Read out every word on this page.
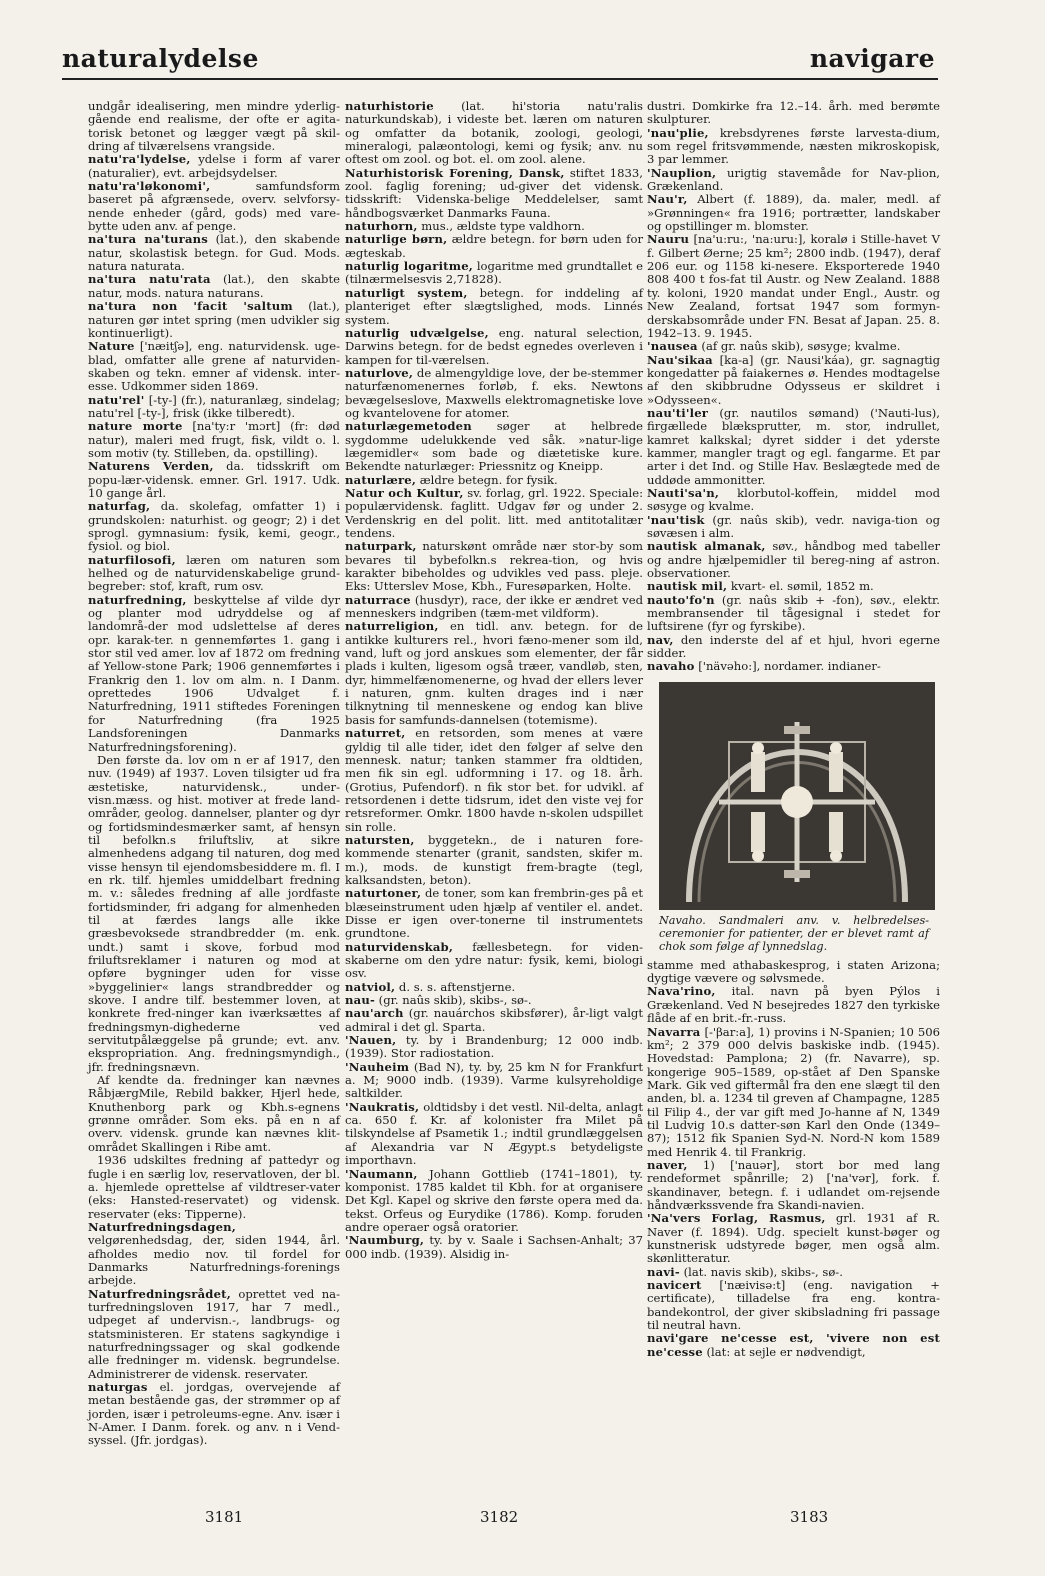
naturalydelse	navigare

undgår idealisering, men mindre yderlig-gående end realisme, der ofte er agita-torisk betonet og lægger vægt på skil-dring af tilværelsens vrangside.

natu'ra'lydelse, ydelse i form af varer (naturalier), evt. arbejdsydelser.

natu'ra'løkonomi', samfundsform baseret på afgrænsede, overv. selvforsy-nende enheder (gård, gods) med vare-bytte uden anv. af penge.

na'tura na'turans (lat.), den skabende natur, skolastisk betegn. for Gud. Mods. natura naturata.

na'tura natu'rata (lat.), den skabte natur, mods. natura naturans.

na'tura non 'facit 'saltum (lat.), naturen gør intet spring (men udvikler sig kontinuerligt).

Nature ['næitʃə], eng. naturvidensk. uge-blad, omfatter alle grene af naturviden-skaben og tekn. emner af vidensk. inter-esse. Udkommer siden 1869.

natu'rel' [-ty-] (fr.), naturanlæg, sindelag; natu'rel [-ty-], frisk (ikke tilberedt).

nature morte [na'ty:r 'mɔrt] (fr: død natur), maleri med frugt, fisk, vildt o. l. som motiv (ty. Stilleben, da. opstilling).

Naturens Verden, da. tidsskrift om popu-lær-vidensk. emner. Grl. 1917. Udk. 10 gange årl.

naturfag, da. skolefag, omfatter 1) i grundskolen: naturhist. og geogr; 2) i det sprogl. gymnasium: fysik, kemi, geogr., fysiol. og biol.

naturfilosofi, læren om naturen som helhed og de naturvidenskabelige grund-begreber: stof, kraft, rum osv.

naturfredning, beskyttelse af vilde dyr og planter mod udryddelse og af landområ-der mod udslettelse af deres opr. karak-ter. n gennemførtes 1. gang i stor stil ved amer. lov af 1872 om fredning af Yellow-stone Park; 1906 gennemførtes i Frankrig den 1. lov om alm. n. I Danm. oprettedes 1906 Udvalget f. Naturfredning, 1911 stiftedes Foreningen for Naturfredning (fra 1925 Landsforeningen Danmarks Naturfredningsforening).

Den første da. lov om n er af 1917, den nuv. (1949) af 1937. Loven tilsigter ud fra æstetiske, naturvidensk., under-visn.mæss. og hist. motiver at frede land-områder, geolog. dannelser, planter og dyr og fortidsmindesmærker samt, af hensyn til befolkn.s friluftsliv, at sikre almenhedens adgang til naturen, dog med visse hensyn til ejendomsbesiddere m. fl. I en rk. tilf. hjemles umiddelbart fredning m. v.: således fredning af alle jordfaste fortidsminder, fri adgang for almenheden til at færdes langs alle ikke græsbevoksede strandbredder (m. enk. undt.) samt i skove, forbud mod friluftsreklamer i naturen og mod at opføre bygninger uden for visse »byggelinier« langs strandbredder og skove. I andre tilf. bestemmer loven, at konkrete fred-ninger kan iværksættes af fredningsmyn-dighederne ved servitutpålæggelse på grunde; evt. anv. ekspropriation. Ang. fredningsmyndigh., jfr. fredningsnævn.

Af kendte da. fredninger kan nævnes RåbjærgMile, Rebild bakker, Hjerl hede, Knuthenborg park og Kbh.s-egnens grønne områder. Som eks. på en n af overv. vidensk. grunde kan nævnes klit-området Skallingen i Ribe amt.

1936 udskiltes fredning af pattedyr og fugle i en særlig lov, reservatloven, der bl. a. hjemlede oprettelse af vildtreser-vater (eks: Hansted-reservatet) og vidensk. reservater (eks: Tipperne).

Naturfredningsdagen, velgørenhedsdag, der, siden 1944, årl. afholdes medio nov. til fordel for Danmarks Naturfrednings-forenings arbejde.

Naturfredningsrådet, oprettet ved na-turfredningsloven 1917, har 7 medl., udpeget af undervisn.-, landbrugs- og statsministeren. Er statens sagkyndige i naturfredningssager og skal godkende alle fredninger m. vidensk. begrundelse. Administrerer de vidensk. reservater.

naturgas el. jordgas, overvejende af metan bestående gas, der strømmer op af jorden, især i petroleums-egne. Anv. især i N-Amer. I Danm. forek. og anv. n i Vend-syssel. (Jfr. jordgas).

naturhistorie (lat. hi'storia natu'ralis naturkundskab), i videste bet. læren om naturen og omfatter da botanik, zoologi, geologi, mineralogi, palæontologi, kemi og fysik; anv. nu oftest om zool. og bot. el. om zool. alene.

Naturhistorisk Forening, Dansk, stiftet 1833, zool. faglig forening; ud-giver det vidensk. tidsskrift: Videnska-belige Meddelelser, samt håndbogsværket Danmarks Fauna.

naturhorn, mus., ældste type valdhorn.

naturlige børn, ældre betegn. for børn uden for ægteskab.

naturlig logaritme, logaritme med grundtallet e (tilnærmelsesvis 2,71828).

naturligt system, betegn. for inddeling af planteriget efter slægtslighed, mods. Linnés system.

naturlig udvælgelse, eng. natural selection, Darwins betegn. for de bedst egnedes overleven i kampen for til-værelsen.

naturlove, de almengyldige love, der be-stemmer naturfænomenernes forløb, f. eks. Newtons bevægelseslove, Maxwells elektromagnetiske love og kvantelovene for atomer.

naturlægemetoden søger at helbrede sygdomme udelukkende ved såk. »natur-lige lægemidler« som bade og diætetiske kure. Bekendte naturlæger: Priessnitz og Kneipp.

naturlære, ældre betegn. for fysik.

Natur och Kultur, sv. forlag, grl. 1922. Speciale: populærvidensk. faglitt. Udgav før og under 2. Verdenskrig en del polit. litt. med antitotalitær tendens.

naturpark, naturskønt område nær stor-by som bevares til bybefolkn.s rekrea-tion, og hvis karakter bibeholdes og udvikles ved pass. pleje. Eks: Utterslev Mose, Kbh., Furesøparken, Holte.

naturrace (husdyr), race, der ikke er ændret ved menneskers indgriben (tæm-met vildform).

naturreligion, en tidl. anv. betegn. for de antikke kulturers rel., hvori fæno-mener som ild, vand, luft og jord anskues som elementer, der får plads i kulten, ligesom også træer, vandløb, sten, dyr, himmelfænomenerne, og hvad der ellers lever i naturen, gnm. kulten drages ind i nær tilknytning til menneskene og endog kan blive basis for samfunds-dannelsen (totemisme).

naturret, en retsorden, som menes at være gyldig til alle tider, idet den følger af selve den mennesk. natur; tanken stammer fra oldtiden, men fik sin egl. udformning i 17. og 18. årh. (Grotius, Pufendorf). n fik stor bet. for udvikl. af retsordenen i dette tidsrum, idet den viste vej for retsreformer. Omkr. 1800 havde n-skolen udspillet sin rolle.

natursten, byggetekn., de i naturen fore-kommende stenarter (granit, sandsten, skifer m. m.), mods. de kunstigt frem-bragte (tegl, kalksandsten, beton).

naturtoner, de toner, som kan frembrin-ges på et blæseinstrument uden hjælp af ventiler el. andet. Disse er igen over-tonerne til instrumentets grundtone.

naturvidenskab, fællesbetegn. for viden-skaberne om den ydre natur: fysik, kemi, biologi osv.

natviol, d. s. s. aftenstjerne.

nau- (gr. naûs skib), skibs-, sø-.

nau'arch (gr. nauárchos skibsfører), år-ligt valgt admiral i det gl. Sparta.

'Nauen, ty. by i Brandenburg; 12 000 indb. (1939). Stor radiostation.

'Nauheim (Bad N), ty. by, 25 km N for Frankfurt a. M; 9000 indb. (1939). Varme kulsyreholdige saltkilder.

'Naukratis, oldtidsby i det vestl. Nil-delta, anlagt ca. 650 f. Kr. af kolonister fra Milet på tilskyndelse af Psametik 1.; indtil grundlæggelsen af Alexandria var N Ægypt.s betydeligste importhavn.

'Naumann, Johann Gottlieb (1741–1801), ty. komponist. 1785 kaldet til Kbh. for at organisere Det Kgl. Kapel og skrive den første opera med da. tekst. Orfeus og Eurydike (1786). Komp. foruden andre operaer også oratorier.

'Naumburg, ty. by v. Saale i Sachsen-Anhalt; 37 000 indb. (1939). Alsidig in-

dustri. Domkirke fra 12.–14. årh. med berømte skulpturer.

'nau'plie, krebsdyrenes første larvesta-dium, som regel fritsvømmende, næsten mikroskopisk, 3 par lemmer.

'Nauplion, urigtig stavemåde for Nav-plion, Grækenland.

Nau'r, Albert (f. 1889), da. maler, medl. af »Grønningen« fra 1916; portrætter, landskaber og opstillinger m. blomster.

Nauru [na'u:ru:, 'na:uru:], koralø i Stille-havet V f. Gilbert Øerne; 25 km²; 2800 indb. (1947), deraf 206 eur. og 1158 ki-nesere. Eksporterede 1940 808 400 t fos-fat til Austr. og New Zealand. 1888 ty. koloni, 1920 mandat under Engl., Austr. og New Zealand, fortsat 1947 som formyn-derskabsområde under FN. Besat af Japan. 25. 8. 1942–13. 9. 1945.

'nausea (af gr. naûs skib), søsyge; kvalme.

Nau'sikaa [ka-a] (gr. Nausi'káa), gr. sagnagtig kongedatter på faiakernes ø. Hendes modtagelse af den skibbrudne Odysseus er skildret i »Odysseen«.

nau'ti'ler (gr. nautilos sømand) ('Nauti-lus), firgællede blæksprutter, m. stor, indrullet, kamret kalkskal; dyret sidder i det yderste kammer, mangler tragt og egl. fangarme. Et par arter i det Ind. og Stille Hav. Beslægtede med de uddøde ammonitter.

Nauti'sa'n, klorbutol-koffein, middel mod søsyge og kvalme.

'nau'tisk (gr. naûs skib), vedr. naviga-tion og søvæsen i alm.

nautisk almanak, søv., håndbog med tabeller og andre hjælpemidler til bereg-ning af astron. observationer.

nautisk mil, kvart- el. sømil, 1852 m.

nauto'fo'n (gr. naûs skib + -fon), søv., elektr. membransender til tågesignal i stedet for luftsirene (fyr og fyrskibe).

nav, den inderste del af et hjul, hvori egerne sidder.

navaho ['nävəho:], nordamer. indianer-

Navaho. Sandmaleri anv. v. helbredelses-ceremonier for patienter, der er blevet ramt af chok som følge af lynnedslag.

stamme med athabaskesprog, i staten Arizona; dygtige vævere og sølvsmede.

Nava'rino, ital. navn på byen Pýlos i Grækenland. Ved N besejredes 1827 den tyrkiske flåde af en brit.-fr.-russ.

Navarra [-'βar:a], 1) provins i N-Spanien; 10 506 km²; 2 379 000 delvis baskiske indb. (1945). Hovedstad: Pamplona; 2) (fr. Navarre), sp. kongerige 905–1589, op-stået af Den Spanske Mark. Gik ved giftermål fra den ene slægt til den anden, bl. a. 1234 til greven af Champagne, 1285 til Filip 4., der var gift med Jo-hanne af N, 1349 til Ludvig 10.s datter-søn Karl den Onde (1349–87); 1512 fik Spanien Syd-N. Nord-N kom 1589 med Henrik 4. til Frankrig.

naver, 1) ['nauər], stort bor med lang rendeformet spånrille; 2) ['na'vər], fork. f. skandinaver, betegn. f. i udlandet om-rejsende håndværkssvende fra Skandi-navien.

'Na'vers Forlag, Rasmus, grl. 1931 af R. Naver (f. 1894). Udg. specielt kunst-bøger og kunstnerisk udstyrede bøger, men også alm. skønlitteratur.

navi- (lat. navis skib), skibs-, sø-.

navicert ['næivisə:t] (eng. navigation + certificate), tilladelse fra eng. kontra-bandekontrol, der giver skibsladning fri passage til neutral havn.

navi'gare ne'cesse est, 'vivere non est ne'cesse (lat: at sejle er nødvendigt,

3181	3182	3183
